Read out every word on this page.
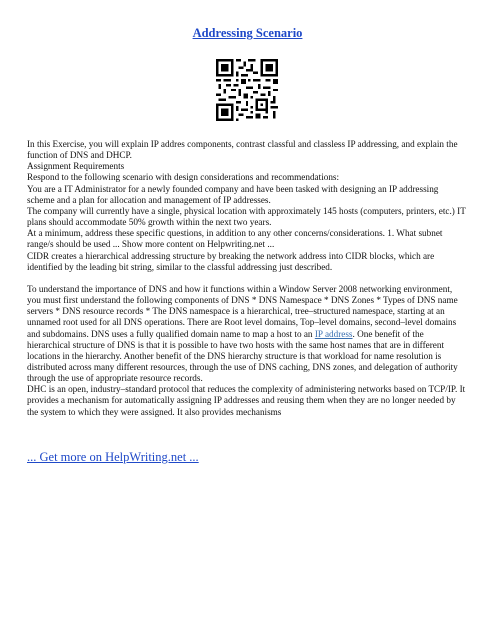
Addressing Scenario

In this Exercise, you will explain IP addres components, contrast classful and classless IP addressing, and explain the function of DNS and DHCP.

Assignment Requirements

Respond to the following scenario with design considerations and recommendations:

You are a IT Administrator for a newly founded company and have been tasked with designing an IP addressing scheme and a plan for allocation and management of IP addresses.

The company will currently have a single, physical location with approximately 145 hosts (computers, printers, etc.) IT plans should accommodate 50% growth within the next two years.

At a minimum, address these specific questions, in addition to any other concerns/considerations. 1. What subnet range/s should be used ... Show more content on Helpwriting.net ...

CIDR creates a hierarchical addressing structure by breaking the network address into CIDR blocks, which are identified by the leading bit string, similar to the classful addressing just described.

To understand the importance of DNS and how it functions within a Window Server 2008 networking environment, you must first understand the following components of DNS * DNS Namespace * DNS Zones * Types of DNS name servers * DNS resource records * The DNS namespace is a hierarchical, tree–structured namespace, starting at an unnamed root used for all DNS operations. There are Root level domains, Top–level domains, second–level domains and subdomains. DNS uses a fully qualified domain name to map a host to an IP address. One benefit of the hierarchical structure of DNS is that it is possible to have two hosts with the same host names that are in different locations in the hierarchy. Another benefit of the DNS hierarchy structure is that workload for name resolution is distributed across many different resources, through the use of DNS caching, DNS zones, and delegation of authority through the use of appropriate resource records.

DHC is an open, industry–standard protocol that reduces the complexity of administering networks based on TCP/IP. It provides a mechanism for automatically assigning IP addresses and reusing them when they are no longer needed by the system to which they were assigned. It also provides mechanisms

... Get more on HelpWriting.net ...
